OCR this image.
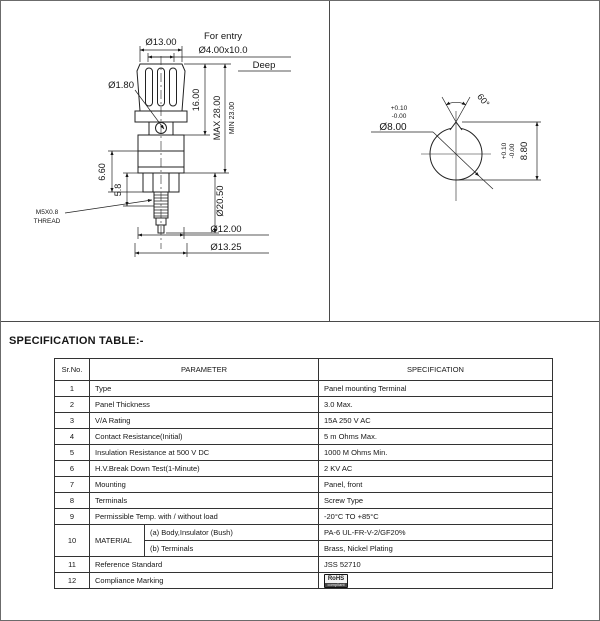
Ø13.00
For entry
Ø4.00x10.0
Deep
Ø1.80
16.00 MAX 28.00 MIN 23.00
6.60
5.8	Ø20.50
Ø12.00
Ø13.25
M5X0.8
THREAD
+0.10
-0.00
Ø8.00
60°
+0.10 -0.00 8.80
SPECIFICATION TABLE:-
Sr.No.	PARAMETER		SPECIFICATION
1	Type		Panel mounting Terminal
2	Panel Thickness		3.0 Max.
3	V/A Rating		15A 250 V AC
4	Contact Resistance(Initial)		5 m Ohms Max.
5	Insulation Resistance at 500 V DC		1000 M Ohms Min.
6	H.V.Break Down Test(1-Minute)		2 KV AC
7	Mounting		Panel, front
8	Terminals		Screw Type
9	Permissible Temp. with / without load		-20°C TO +85°C
10	MATERIAL	(a) Body,Insulator (Bush)	PA-6 UL-FR-V-2/GF20%
		(b) Terminals	Brass, Nickel Plating
11	Reference Standard		JSS 52710
12	Compliance Marking		RoHS
compliant
